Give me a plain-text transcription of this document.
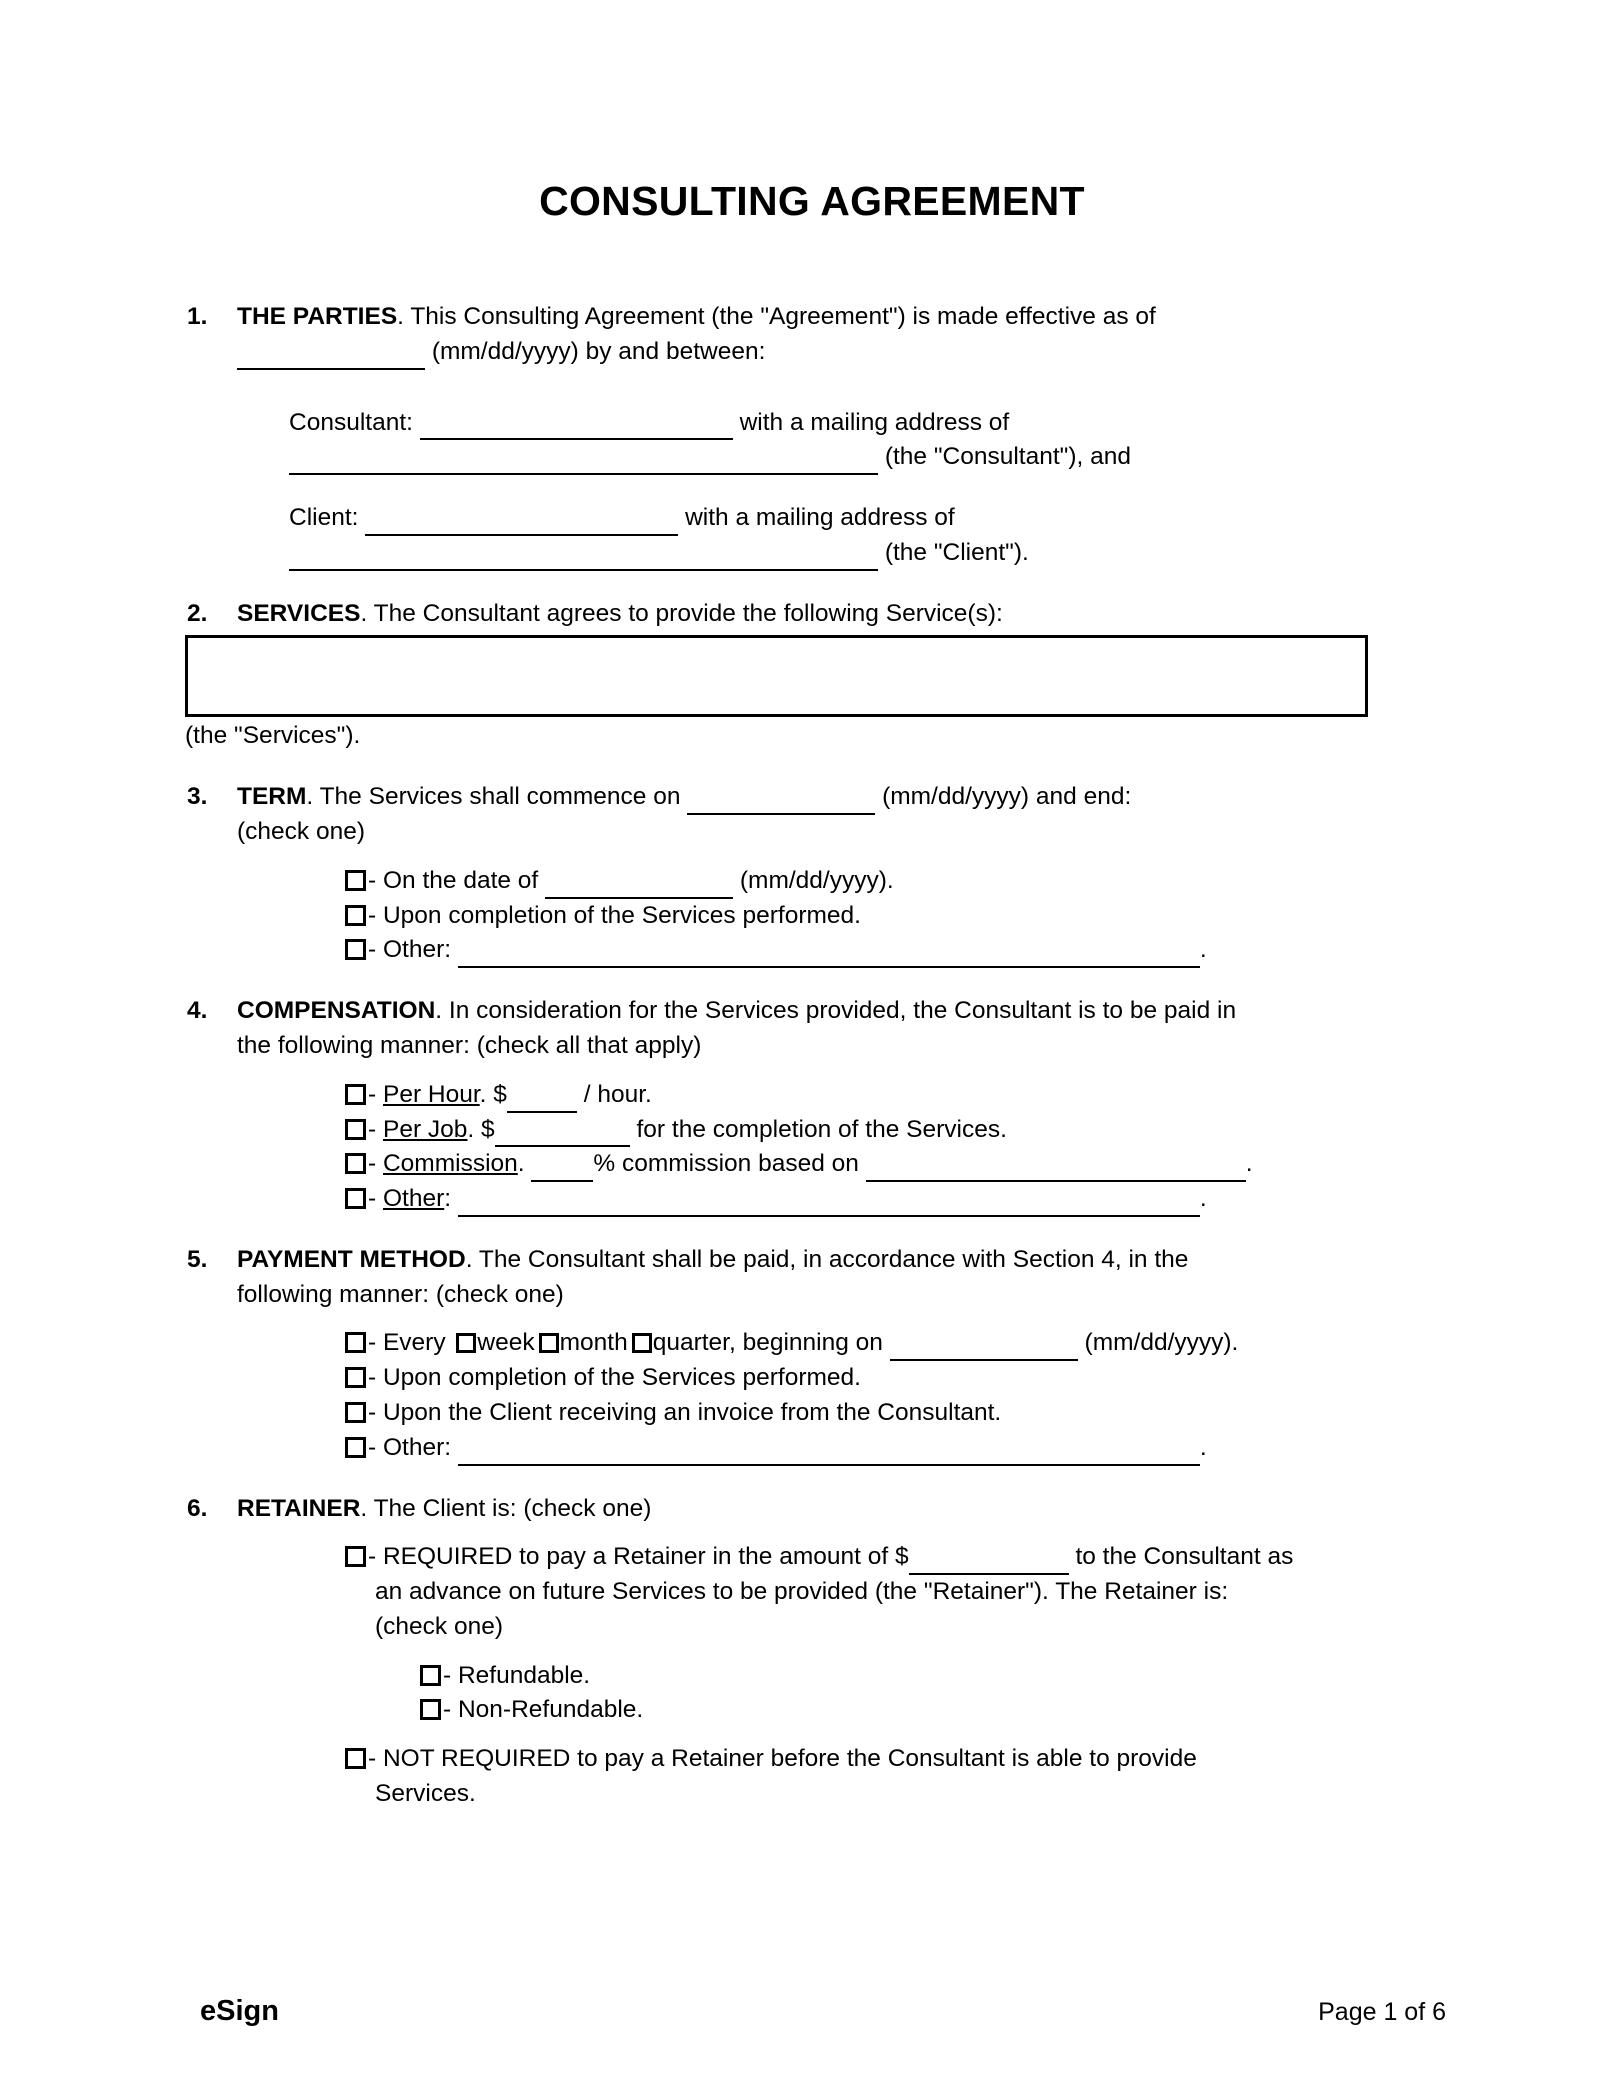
CONSULTING AGREEMENT
1.	THE PARTIES. This Consulting Agreement (the "Agreement") is made effective as of
(mm/dd/yyyy) by and between:
Consultant:	with a mailing address of
(the "Consultant"), and
Client:	with a mailing address of
(the "Client").
2.	SERVICES. The Consultant agrees to provide the following Service(s):
(the "Services").
3.	TERM. The Services shall commence on	(mm/dd/yyyy) and end:
(check one)
- On the date of	(mm/dd/yyyy).
- Upon completion of the Services performed.
- Other:	.
4.	COMPENSATION. In consideration for the Services provided, the Consultant is to be paid in
the following manner: (check all that apply)
- Per Hour. $	/ hour.
- Per Job. $	for the completion of the Services.
- Commission.	% commission based on	.
- Other:	.
5.	PAYMENT METHOD. The Consultant shall be paid, in accordance with Section 4, in the
following manner: (check one)
- Every week month quarter, beginning on	(mm/dd/yyyy).
- Upon completion of the Services performed.
- Upon the Client receiving an invoice from the Consultant.
- Other:	.
6.	RETAINER. The Client is: (check one)
- REQUIRED to pay a Retainer in the amount of $	to the Consultant as
an advance on future Services to be provided (the "Retainer"). The Retainer is:
(check one)
- Refundable.
- Non-Refundable.
- NOT REQUIRED to pay a Retainer before the Consultant is able to provide
Services.
eSign	Page 1 of 6
